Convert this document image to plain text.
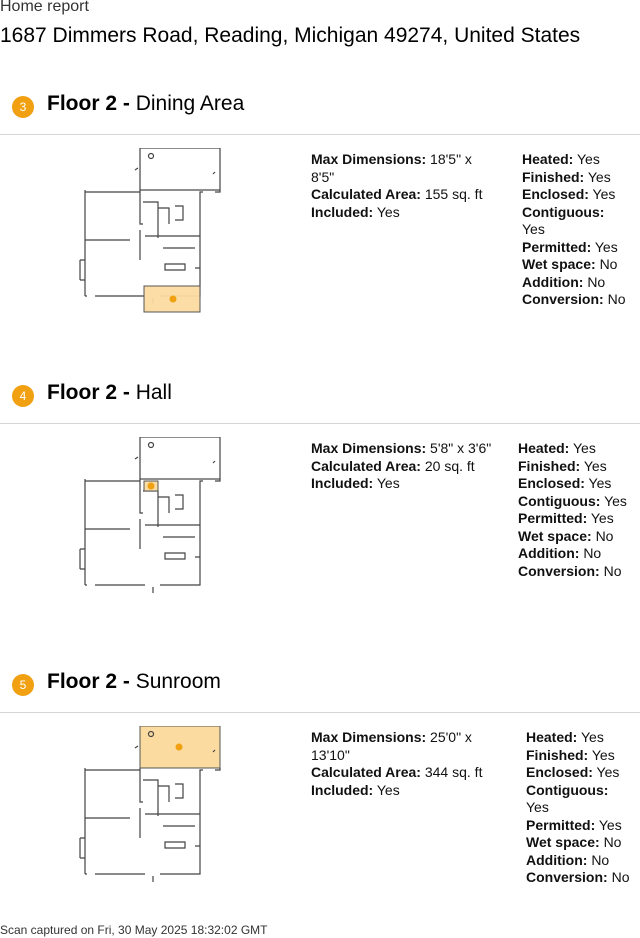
Home report
1687 Dimmers Road, Reading, Michigan 49274, United States
3 Floor 2 - Dining Area
Max Dimensions: 18'5" x
8'5"
Calculated Area: 155 sq. ft
Included: Yes
Heated: Yes
Finished: Yes
Enclosed: Yes
Contiguous:
Yes
Permitted: Yes
Wet space: No
Addition: No
Conversion: No
4 Floor 2 - Hall
Max Dimensions: 5'8" x 3'6"
Calculated Area: 20 sq. ft
Included: Yes
Heated: Yes
Finished: Yes
Enclosed: Yes
Contiguous: Yes
Permitted: Yes
Wet space: No
Addition: No
Conversion: No
5 Floor 2 - Sunroom
Max Dimensions: 25'0" x
13'10"
Calculated Area: 344 sq. ft
Included: Yes
Heated: Yes
Finished: Yes
Enclosed: Yes
Contiguous:
Yes
Permitted: Yes
Wet space: No
Addition: No
Conversion: No
Scan captured on Fri, 30 May 2025 18:32:02 GMT
